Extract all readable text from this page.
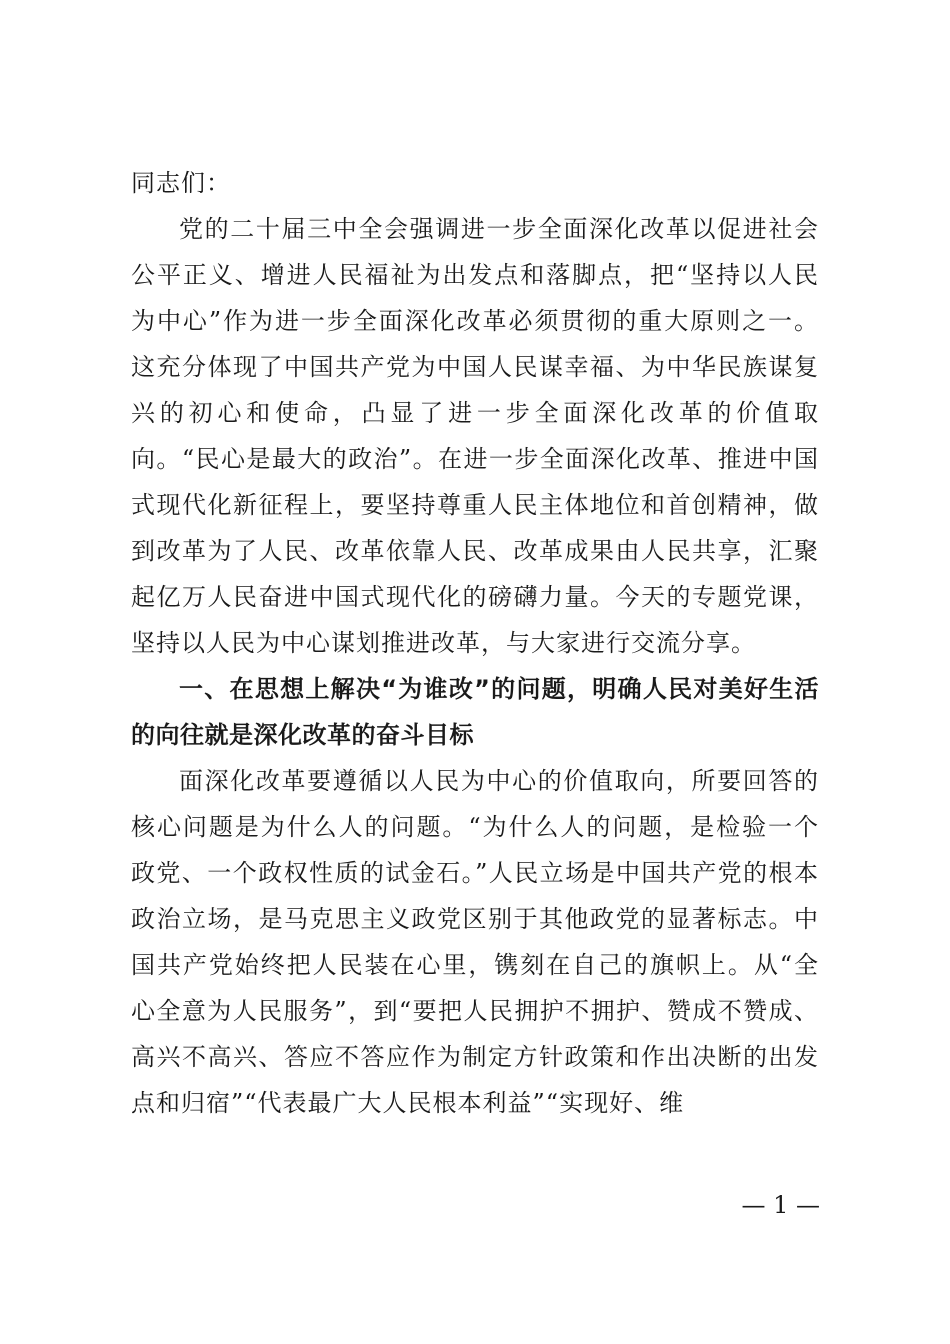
同志们：

党的二十届三中全会强调进一步全面深化改革以促进社会公平正义、增进人民福祉为出发点和落脚点，把“坚持以人民为中心”作为进一步全面深化改革必须贯彻的重大原则之一。这充分体现了中国共产党为中国人民谋幸福、为中华民族谋复兴的初心和使命，凸显了进一步全面深化改革的价值取向。“民心是最大的政治”。在进一步全面深化改革、推进中国式现代化新征程上，要坚持尊重人民主体地位和首创精神，做到改革为了人民、改革依靠人民、改革成果由人民共享，汇聚起亿万人民奋进中国式现代化的磅礴力量。今天的专题党课，坚持以人民为中心谋划推进改革，与大家进行交流分享。

一、在思想上解决“为谁改”的问题，明确人民对美好生活的向往就是深化改革的奋斗目标

面深化改革要遵循以人民为中心的价值取向，所要回答的核心问题是为什么人的问题。“为什么人的问题，是检验一个政党、一个政权性质的试金石。”人民立场是中国共产党的根本政治立场，是马克思主义政党区别于其他政党的显著标志。中国共产党始终把人民装在心里，镌刻在自己的旗帜上。从“全心全意为人民服务”，到“要把人民拥护不拥护、赞成不赞成、高兴不高兴、答应不答应作为制定方针政策和作出决断的出发点和归宿”“代表最广大人民根本利益”“实现好、维

— 1 —
